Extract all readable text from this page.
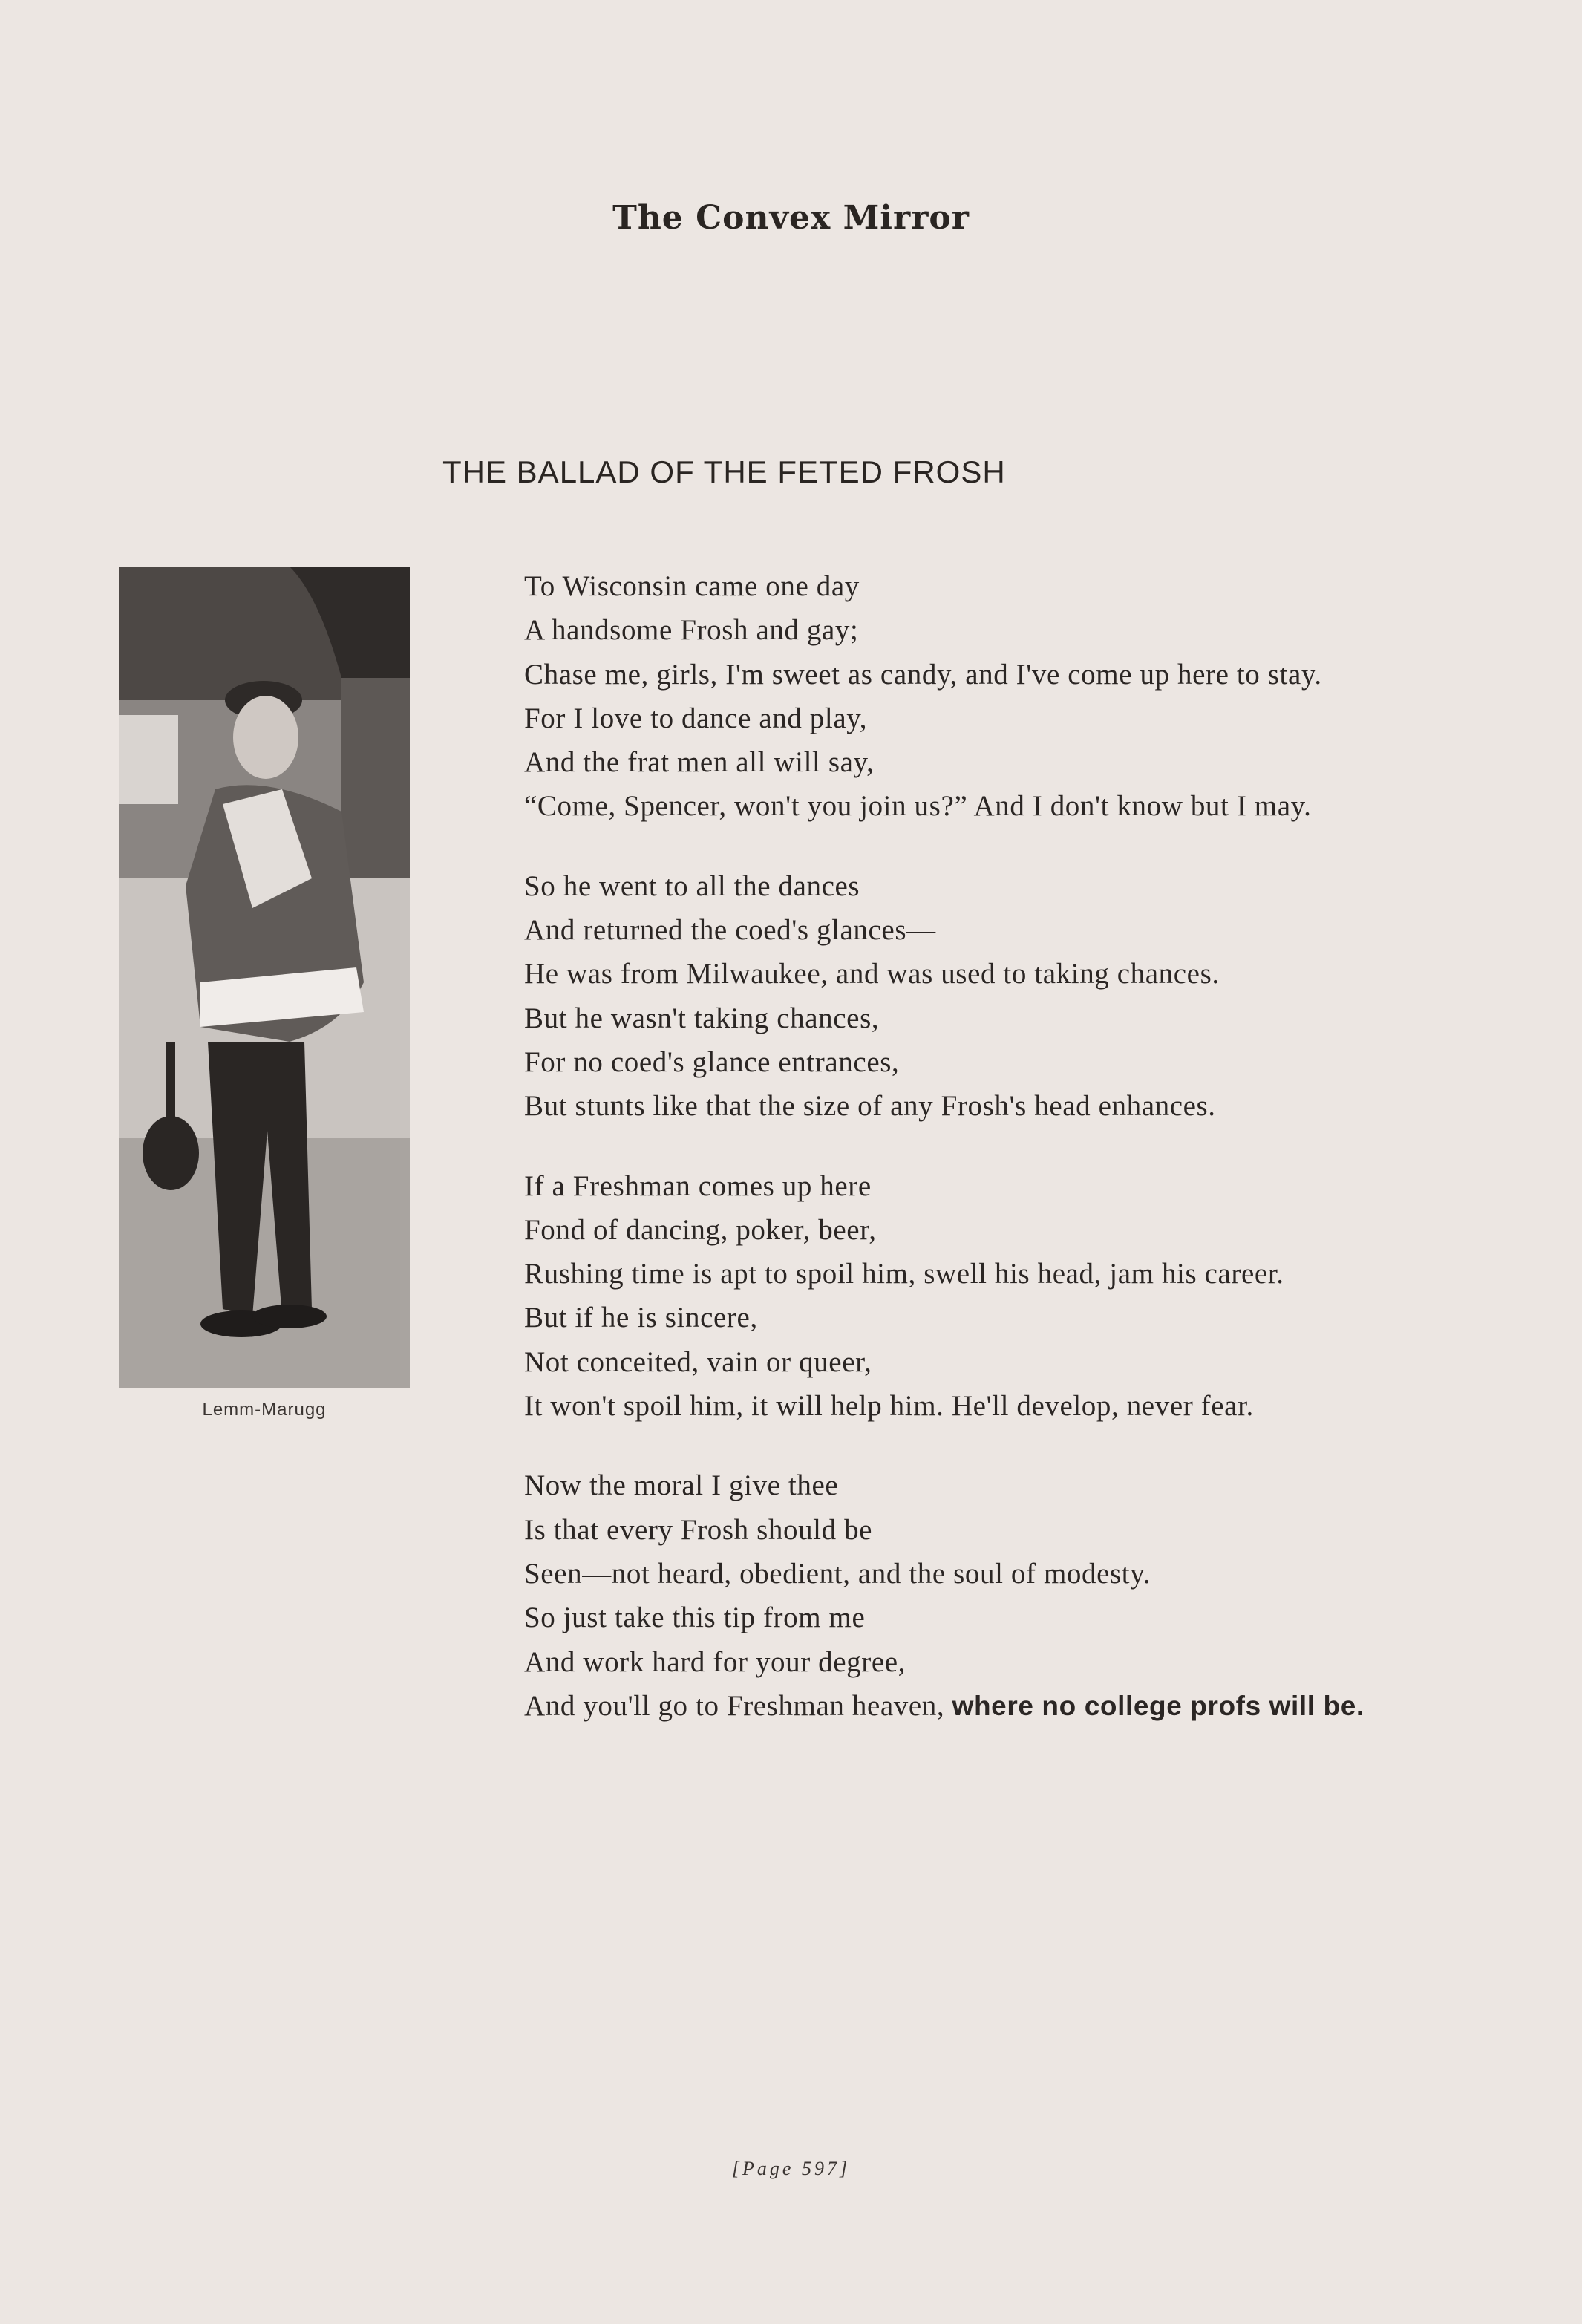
The Convex Mirror
THE BALLAD OF THE FETED FROSH
Lemm-Marugg
To Wisconsin came one day
A handsome Frosh and gay;
Chase me, girls, I'm sweet as candy, and I've come up here to stay.
For I love to dance and play,
And the frat men all will say,
“Come, Spencer, won't you join us?” And I don't know but I may.
So he went to all the dances
And returned the coed's glances—
He was from Milwaukee, and was used to taking chances.
But he wasn't taking chances,
For no coed's glance entrances,
But stunts like that the size of any Frosh's head enhances.
If a Freshman comes up here
Fond of dancing, poker, beer,
Rushing time is apt to spoil him, swell his head, jam his career.
But if he is sincere,
Not conceited, vain or queer,
It won't spoil him, it will help him. He'll develop, never fear.
Now the moral I give thee
Is that every Frosh should be
Seen—not heard, obedient, and the soul of modesty.
So just take this tip from me
And work hard for your degree,
And you'll go to Freshman heaven, where no college profs will be.
[Page 597]
